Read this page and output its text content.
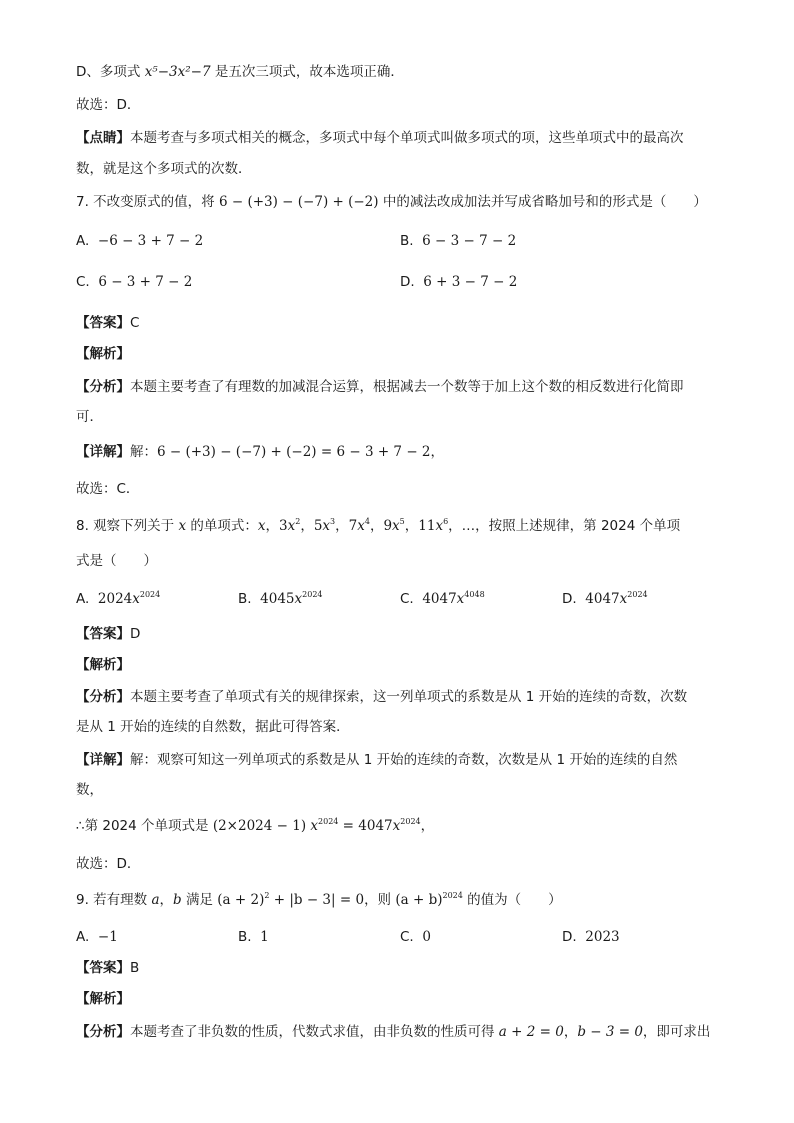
D、多项式 x⁵−3x²−7 是五次三项式，故本选项正确．
故选：D．
【点睛】本题考查与多项式相关的概念，多项式中每个单项式叫做多项式的项，这些单项式中的最高次
数，就是这个多项式的次数．
7. 不改变原式的值，将 6 − (+3) − (−7) + (−2) 中的减法改成加法并写成省略加号和的形式是（　　）
A. −6 − 3 + 7 − 2	B. 6 − 3 − 7 − 2
C. 6 − 3 + 7 − 2	D. 6 + 3 − 7 − 2
【答案】C
【解析】
【分析】本题主要考查了有理数的加减混合运算，根据减去一个数等于加上这个数的相反数进行化简即
可．
【详解】解：6 − (+3) − (−7) + (−2) = 6 − 3 + 7 − 2，
故选：C．
8. 观察下列关于 x 的单项式：x，$3x^2$，$5x^3$，$7x^4$，$9x^5$，$11x^6$，…，按照上述规律，第 2024 个单项
式是（　　）
A. $2024x^{2024}$	B. $4045x^{2024}$	C. $4047x^{4048}$	D. $4047x^{2024}$
【答案】D
【解析】
【分析】本题主要考查了单项式有关的规律探索，这一列单项式的系数是从 1 开始的连续的奇数，次数
是从 1 开始的连续的自然数，据此可得答案．
【详解】解：观察可知这一列单项式的系数是从 1 开始的连续的奇数，次数是从 1 开始的连续的自然
数，
∴第 2024 个单项式是 (2×2024 − 1) $x^{2024} = 4047x^{2024}$，
故选：D．
9. 若有理数 a，b 满足 $(a + 2)^2 + |b - 3| = 0$，则 $(a + b)^{2024}$ 的值为（　　）
A. −1	B. 1	C. 0	D. 2023
【答案】B
【解析】
【分析】本题考查了非负数的性质，代数式求值，由非负数的性质可得 a + 2 = 0，b − 3 = 0，即可求出
